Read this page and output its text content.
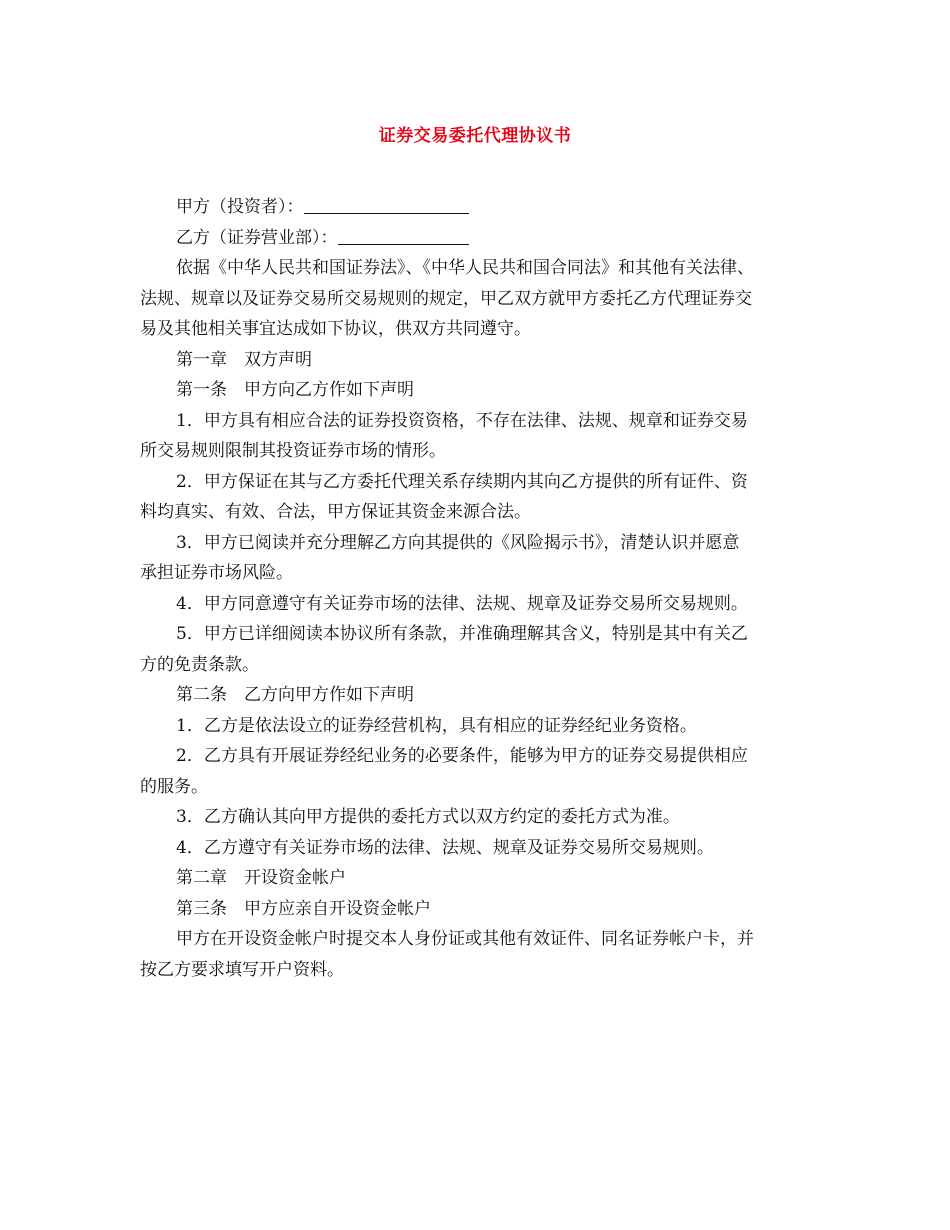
证券交易委托代理协议书

甲方（投资者）：

乙方（证券营业部）：

依据《中华人民共和国证券法》、《中华人民共和国合同法》和其他有关法律、

法规、规章以及证券交易所交易规则的规定，甲乙双方就甲方委托乙方代理证券交

易及其他相关事宜达成如下协议，供双方共同遵守。

第一章　双方声明

第一条　甲方向乙方作如下声明

1．甲方具有相应合法的证券投资资格，不存在法律、法规、规章和证券交易

所交易规则限制其投资证券市场的情形。

2．甲方保证在其与乙方委托代理关系存续期内其向乙方提供的所有证件、资

料均真实、有效、合法，甲方保证其资金来源合法。

3．甲方已阅读并充分理解乙方向其提供的《风险揭示书》，清楚认识并愿意

承担证券市场风险。

4．甲方同意遵守有关证券市场的法律、法规、规章及证券交易所交易规则。

5．甲方已详细阅读本协议所有条款，并准确理解其含义，特别是其中有关乙

方的免责条款。

第二条　乙方向甲方作如下声明

1．乙方是依法设立的证券经营机构，具有相应的证券经纪业务资格。

2．乙方具有开展证券经纪业务的必要条件，能够为甲方的证券交易提供相应

的服务。

3．乙方确认其向甲方提供的委托方式以双方约定的委托方式为准。

4．乙方遵守有关证券市场的法律、法规、规章及证券交易所交易规则。

第二章　开设资金帐户

第三条　甲方应亲自开设资金帐户

甲方在开设资金帐户时提交本人身份证或其他有效证件、同名证券帐户卡，并

按乙方要求填写开户资料。
